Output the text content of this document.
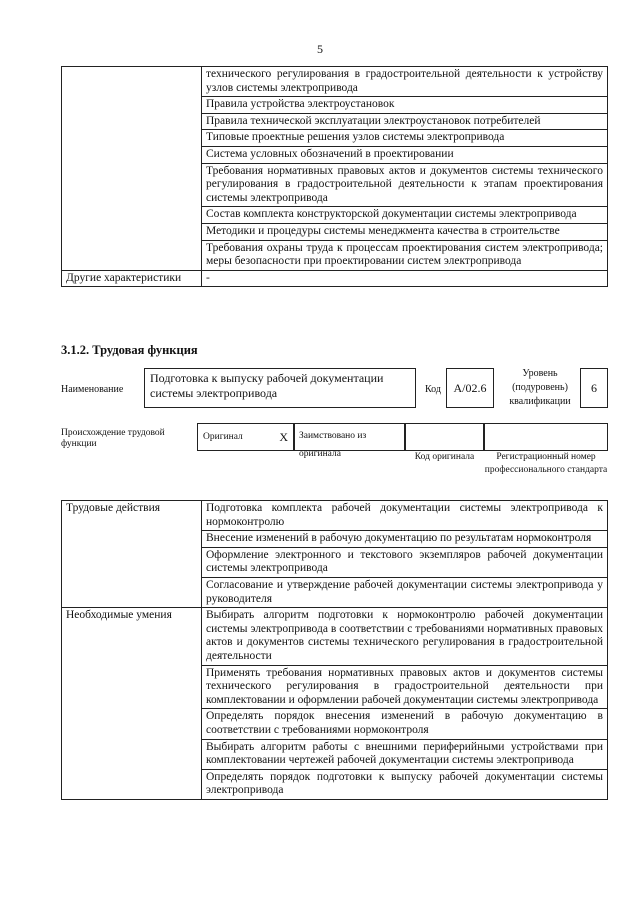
5
	технического регулирования в градостроительной деятельности к устройству узлов системы электропривода
	Правила устройства электроустановок
	Правила технической эксплуатации электроустановок потребителей
	Типовые проектные решения узлов системы электропривода
	Система условных обозначений в проектировании
	Требования нормативных правовых актов и документов системы технического регулирования в градостроительной деятельности к этапам проектирования системы электропривода
	Состав комплекта конструкторской документации системы электропривода
	Методики и процедуры системы менеджмента качества в строительстве
	Требования охраны труда к процессам проектирования систем электропривода; меры безопасности при проектировании систем электропривода
Другие характеристики	-
3.1.2. Трудовая функция
Наименование
Подготовка к выпуску рабочей документации системы электропривода	Код А/02.6
Уровень (подуровень) квалификации
6
Происхождение трудовой функции
Оригинал	X	Заимствовано из оригинала	Код оригинала	Регистрационный номер профессионального стандарта
Трудовые действия	Подготовка комплекта рабочей документации системы электропривода к нормоконтролю
	Внесение изменений в рабочую документацию по результатам нормоконтроля
	Оформление электронного и текстового экземпляров рабочей документации системы электропривода
	Согласование и утверждение рабочей документации системы электропривода у руководителя
Необходимые умения	Выбирать алгоритм подготовки к нормоконтролю рабочей документации системы электропривода в соответствии с требованиями нормативных правовых актов и документов системы технического регулирования в градостроительной деятельности
	Применять требования нормативных правовых актов и документов системы технического регулирования в градостроительной деятельности при комплектовании и оформлении рабочей документации системы электропривода
	Определять порядок внесения изменений в рабочую документацию в соответствии с требованиями нормоконтроля
	Выбирать алгоритм работы с внешними периферийными устройствами при комплектовании чертежей рабочей документации системы электропривода
	Определять порядок подготовки к выпуску рабочей документации системы электропривода
